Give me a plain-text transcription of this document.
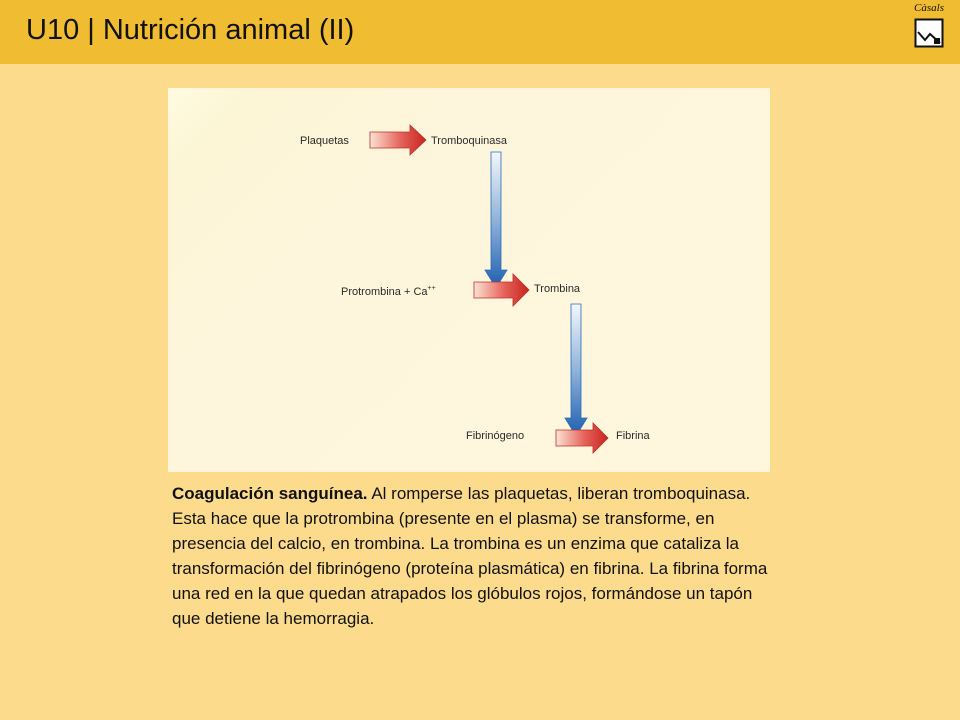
U10 | Nutrición animal (II)
Càsals
Plaquetas	Tromboquinasa
Protrombina + Ca++	Trombina
Fibrinógeno	Fibrina
Coagulación sanguínea. Al romperse las plaquetas, liberan tromboquinasa. Esta hace que la protrombina (presente en el plasma) se transforme, en presencia del calcio, en trombina. La trombina es un enzima que cataliza la transformación del fibrinógeno (proteína plasmática) en fibrina. La fibrina forma una red en la que quedan atrapados los glóbulos rojos, formándose un tapón que detiene la hemorragia.
